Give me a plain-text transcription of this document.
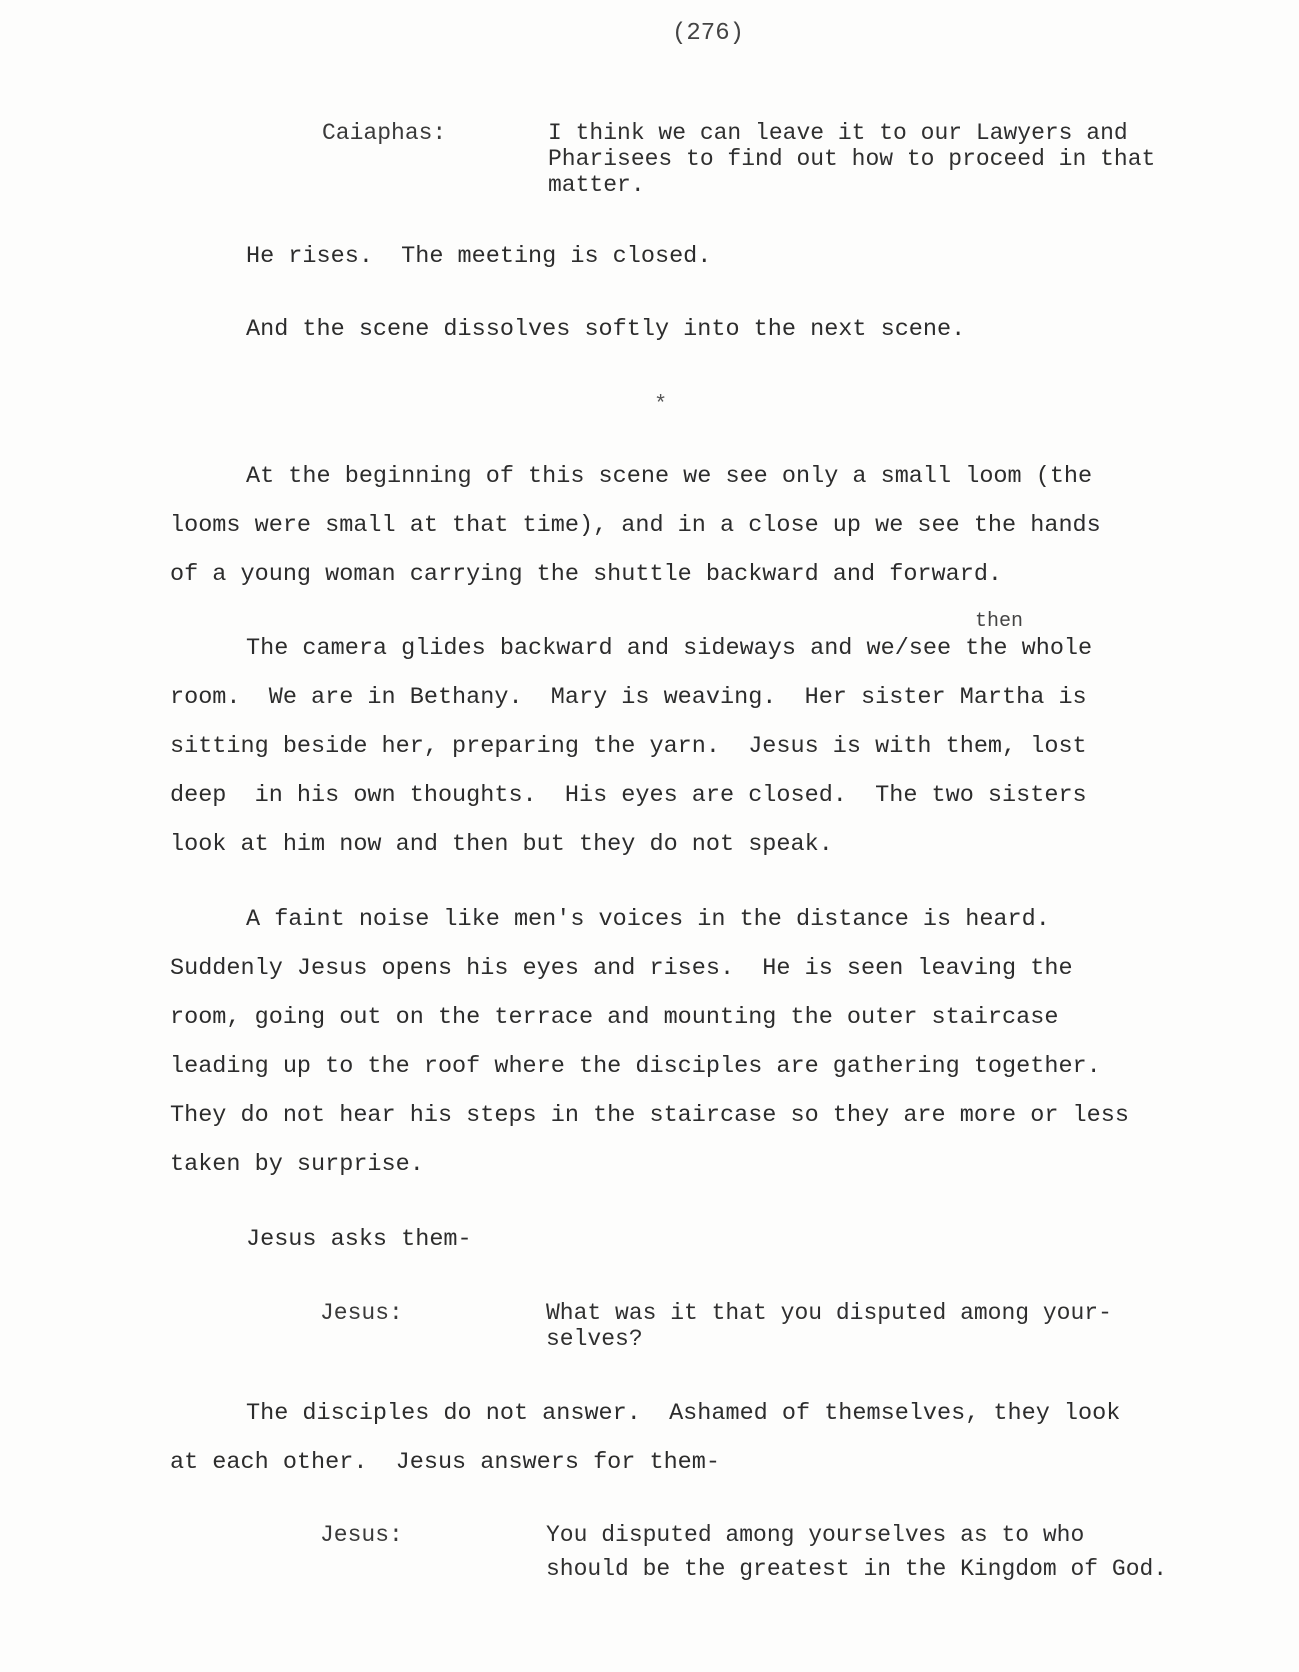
(276)
Caiaphas:	I think we can leave it to our Lawyers and
Pharisees to find out how to proceed in that
matter.
He rises.  The meeting is closed.
And the scene dissolves softly into the next scene.
*
At the beginning of this scene we see only a small loom (the
looms were small at that time), and in a close up we see the hands
of a young woman carrying the shuttle backward and forward.
then
The camera glides backward and sideways and we/see the whole
room.  We are in Bethany.  Mary is weaving.  Her sister Martha is
sitting beside her, preparing the yarn.  Jesus is with them, lost
deep  in his own thoughts.  His eyes are closed.  The two sisters
look at him now and then but they do not speak.
A faint noise like men's voices in the distance is heard.
Suddenly Jesus opens his eyes and rises.  He is seen leaving the
room, going out on the terrace and mounting the outer staircase
leading up to the roof where the disciples are gathering together.
They do not hear his steps in the staircase so they are more or less
taken by surprise.
Jesus asks them-
Jesus:	What was it that you disputed among your-
selves?
The disciples do not answer.  Ashamed of themselves, they look
at each other.  Jesus answers for them-
Jesus:	You disputed among yourselves as to who
should be the greatest in the Kingdom of God.
